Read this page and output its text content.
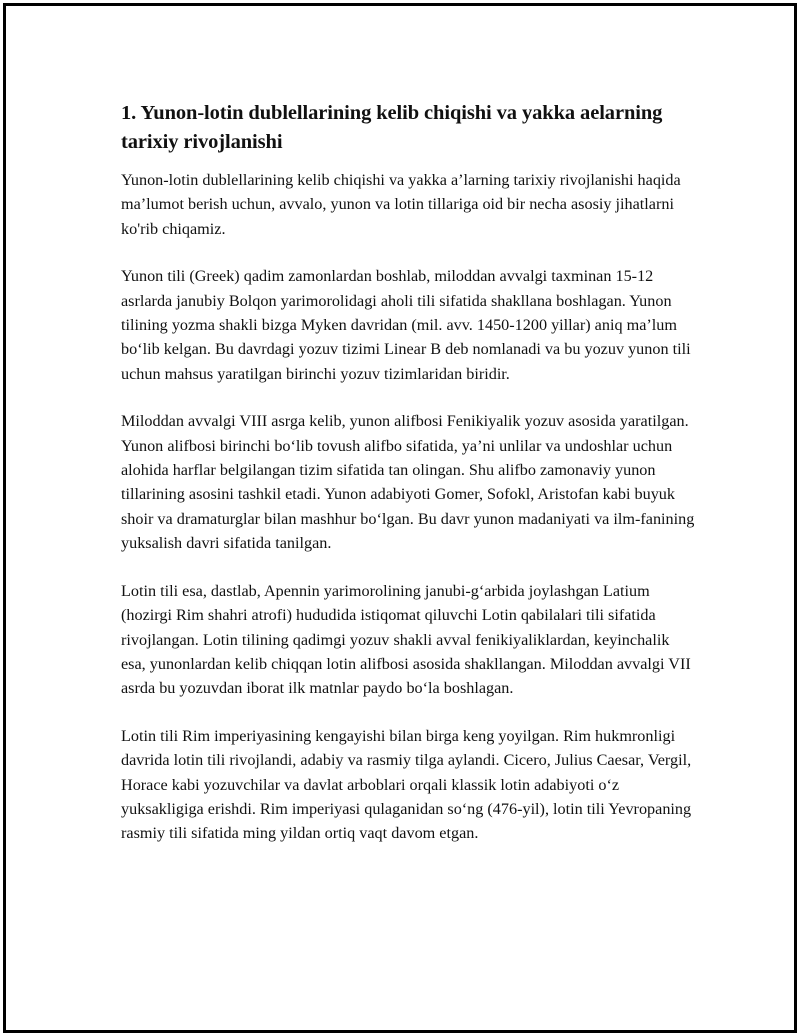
1. Yunon-lotin dublellarining kelib chiqishi va yakka aelarning tarixiy rivojlanishi

Yunon-lotin dublellarining kelib chiqishi va yakka a’larning tarixiy rivojlanishi haqida ma’lumot berish uchun, avvalo, yunon va lotin tillariga oid bir necha asosiy jihatlarni ko'rib chiqamiz.

Yunon tili (Greek) qadim zamonlardan boshlab, miloddan avvalgi taxminan 15-12 asrlarda janubiy Bolqon yarimorolidagi aholi tili sifatida shakllana boshlagan. Yunon tilining yozma shakli bizga Myken davridan (mil. avv. 1450-1200 yillar) aniq ma’lum bo‘lib kelgan. Bu davrdagi yozuv tizimi Linear B deb nomlanadi va bu yozuv yunon tili uchun mahsus yaratilgan birinchi yozuv tizimlaridan biridir.

Miloddan avvalgi VIII asrga kelib, yunon alifbosi Fenikiyalik yozuv asosida yaratilgan. Yunon alifbosi birinchi bo‘lib tovush alifbo sifatida, ya’ni unlilar va undoshlar uchun alohida harflar belgilangan tizim sifatida tan olingan. Shu alifbo zamonaviy yunon tillarining asosini tashkil etadi. Yunon adabiyoti Gomer, Sofokl, Aristofan kabi buyuk shoir va dramaturglar bilan mashhur bo‘lgan. Bu davr yunon madaniyati va ilm-fanining yuksalish davri sifatida tanilgan.

Lotin tili esa, dastlab, Apennin yarimorolining janubi-g‘arbida joylashgan Latium (hozirgi Rim shahri atrofi) hududida istiqomat qiluvchi Lotin qabilalari tili sifatida rivojlangan. Lotin tilining qadimgi yozuv shakli avval fenikiyaliklardan, keyinchalik esa, yunonlardan kelib chiqqan lotin alifbosi asosida shakllangan. Miloddan avvalgi VII asrda bu yozuvdan iborat ilk matnlar paydo bo‘la boshlagan.

Lotin tili Rim imperiyasining kengayishi bilan birga keng yoyilgan. Rim hukmronligi davrida lotin tili rivojlandi, adabiy va rasmiy tilga aylandi. Cicero, Julius Caesar, Vergil, Horace kabi yozuvchilar va davlat arboblari orqali klassik lotin adabiyoti o‘z yuksakligiga erishdi. Rim imperiyasi qulaganidan so‘ng (476-yil), lotin tili Yevropaning rasmiy tili sifatida ming yildan ortiq vaqt davom etgan.
